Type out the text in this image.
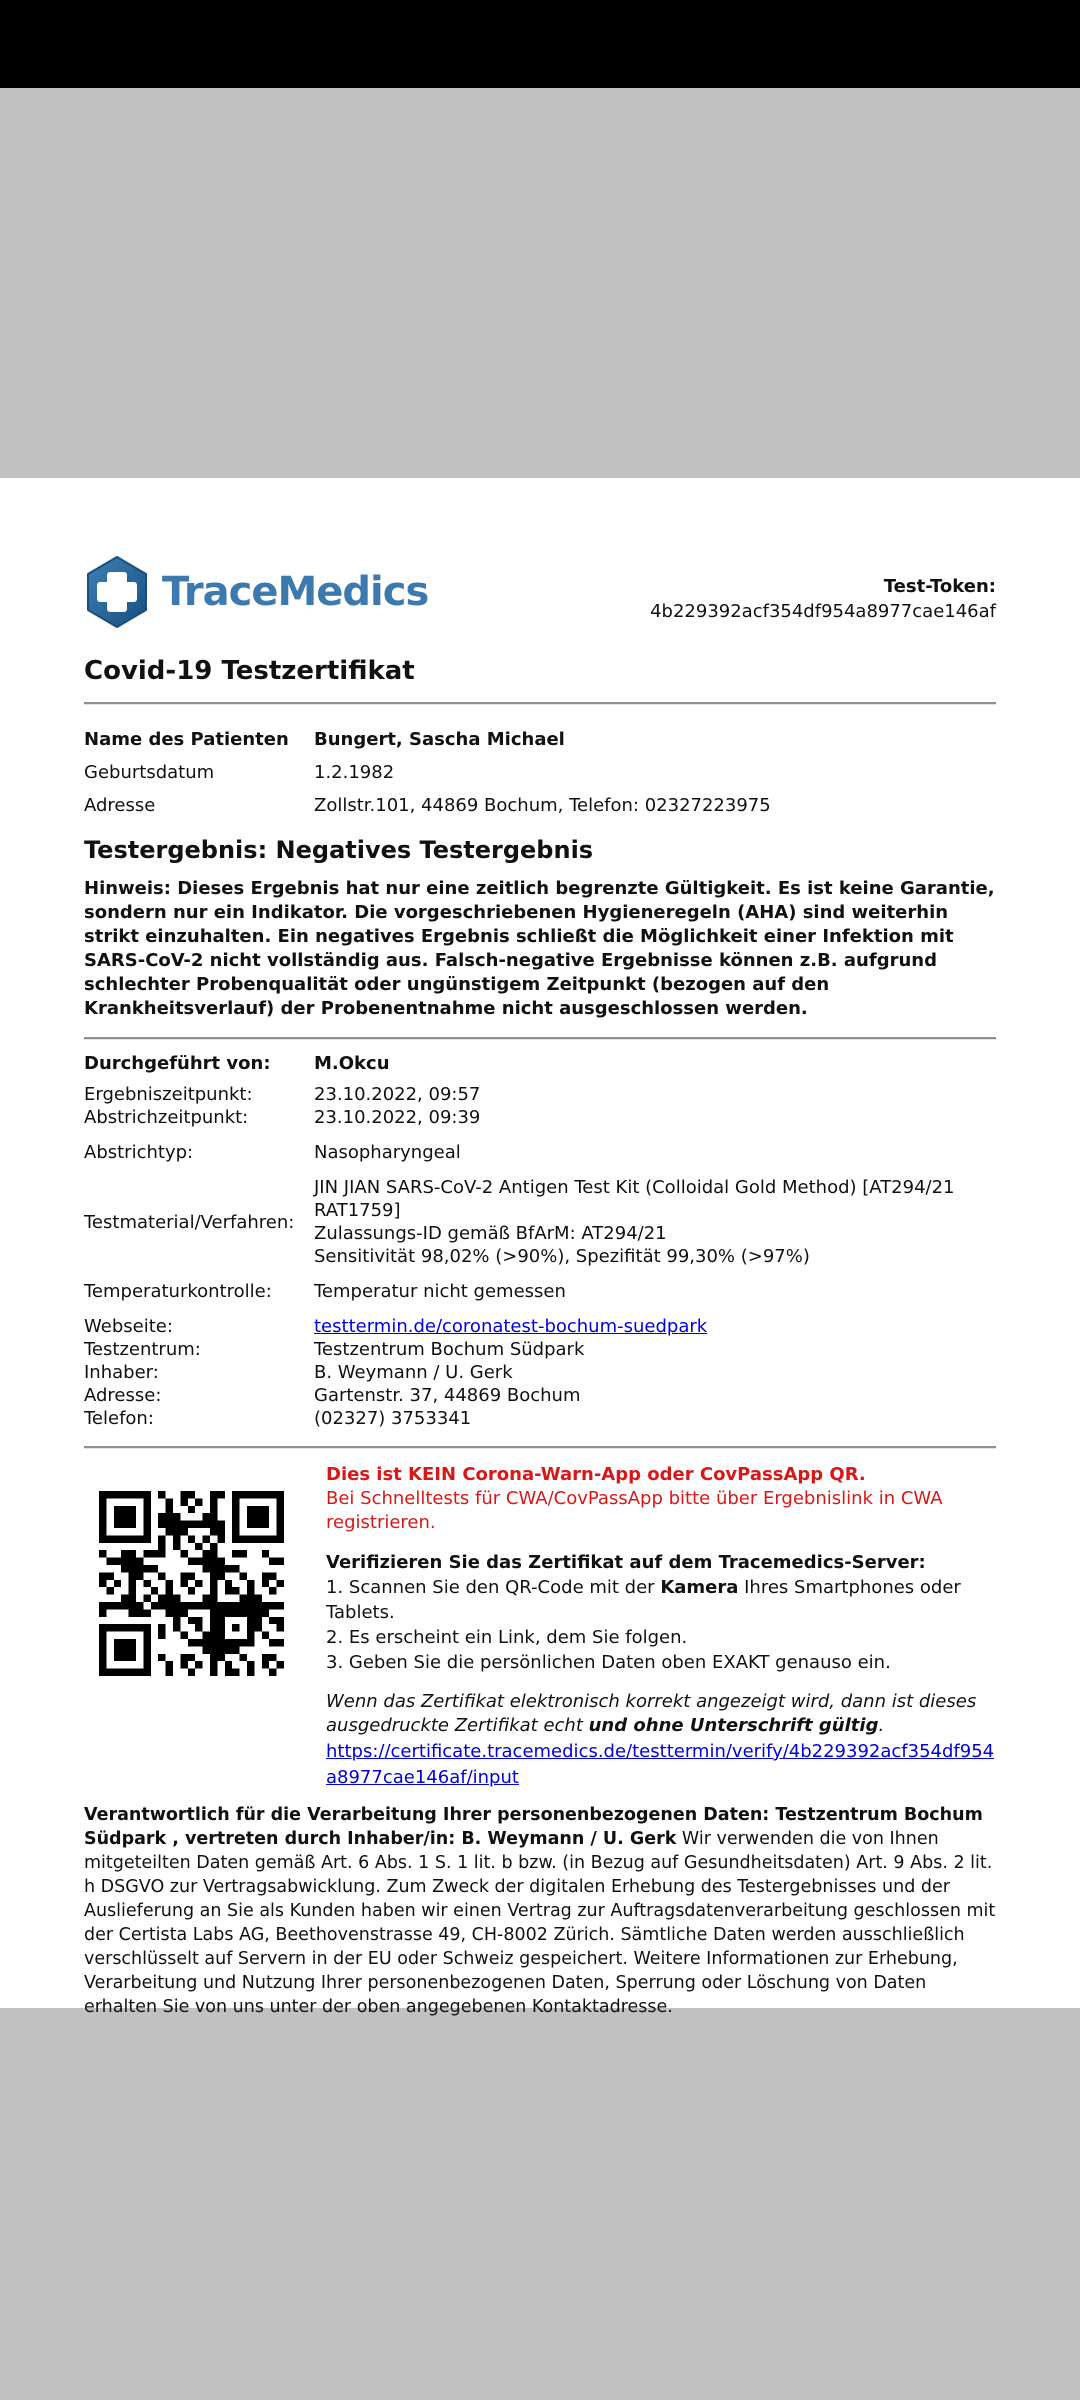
TraceMedics	Test-Token:
4b229392acf354df954a8977cae146af
Covid-19 Testzertifikat
Name des Patienten	Bungert, Sascha Michael
Geburtsdatum	1.2.1982
Adresse	Zollstr.101, 44869 Bochum, Telefon: 02327223975
Testergebnis: Negatives Testergebnis

Hinweis: Dieses Ergebnis hat nur eine zeitlich begrenzte Gültigkeit. Es ist keine Garantie, sondern nur ein Indikator. Die vorgeschriebenen Hygieneregeln (AHA) sind weiterhin strikt einzuhalten. Ein negatives Ergebnis schließt die Möglichkeit einer Infektion mit SARS-CoV-2 nicht vollständig aus. Falsch-negative Ergebnisse können z.B. aufgrund schlechter Probenqualität oder ungünstigem Zeitpunkt (bezogen auf den Krankheitsverlauf) der Probenentnahme nicht ausgeschlossen werden.

Durchgeführt von:	M.Okcu
Ergebniszeitpunkt:	23.10.2022, 09:57
Abstrichzeitpunkt:	23.10.2022, 09:39
Abstrichtyp:	Nasopharyngeal
Testmaterial/Verfahren:
JIN JIAN SARS-CoV-2 Antigen Test Kit (Colloidal Gold Method) [AT294/21 RAT1759]
Zulassungs-ID gemäß BfArM: AT294/21
Sensitivität 98,02% (>90%), Spezifität 99,30% (>97%)
Temperaturkontrolle:	Temperatur nicht gemessen
Webseite:	testtermin.de/coronatest-bochum-suedpark
Testzentrum:	Testzentrum Bochum Südpark
Inhaber:	B. Weymann / U. Gerk
Adresse:	Gartenstr. 37, 44869 Bochum
Telefon:	(02327) 3753341
Dies ist KEIN Corona-Warn-App oder CovPassApp QR.
Bei Schnelltests für CWA/CovPassApp bitte über Ergebnislink in CWA registrieren.
Verifizieren Sie das Zertifikat auf dem Tracemedics-Server:
1. Scannen Sie den QR-Code mit der Kamera Ihres Smartphones oder Tablets.
2. Es erscheint ein Link, dem Sie folgen.
3. Geben Sie die persönlichen Daten oben EXAKT genauso ein.
Wenn das Zertifikat elektronisch korrekt angezeigt wird, dann ist dieses ausgedruckte Zertifikat echt und ohne Unterschrift gültig.
https://certificate.tracemedics.de/testtermin/verify/4b229392acf354df954a8977cae146af/input

Verantwortlich für die Verarbeitung Ihrer personenbezogenen Daten: Testzentrum Bochum Südpark , vertreten durch Inhaber/in: B. Weymann / U. Gerk Wir verwenden die von Ihnen mitgeteilten Daten gemäß Art. 6 Abs. 1 S. 1 lit. b bzw. (in Bezug auf Gesundheitsdaten) Art. 9 Abs. 2 lit. h DSGVO zur Vertragsabwicklung. Zum Zweck der digitalen Erhebung des Testergebnisses und der Auslieferung an Sie als Kunden haben wir einen Vertrag zur Auftragsdatenverarbeitung geschlossen mit der Certista Labs AG, Beethovenstrasse 49, CH-8002 Zürich. Sämtliche Daten werden ausschließlich verschlüsselt auf Servern in der EU oder Schweiz gespeichert. Weitere Informationen zur Erhebung, Verarbeitung und Nutzung Ihrer personenbezogenen Daten, Sperrung oder Löschung von Daten erhalten Sie von uns unter der oben angegebenen Kontaktadresse.
